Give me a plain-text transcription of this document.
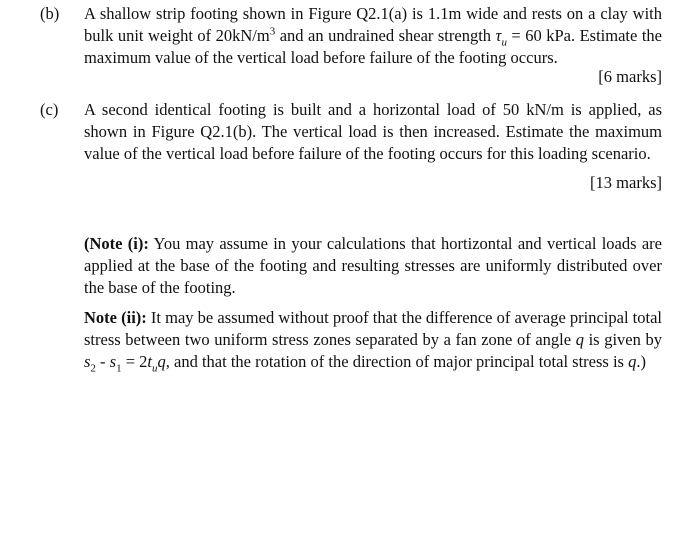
(b) A shallow strip footing shown in Figure Q2.1(a) is 1.1m wide and rests on a clay with bulk unit weight of $20kN/m^3$ and an undrained shear strength $\tau_u = 60$ kPa. Estimate the maximum value of the vertical load before failure of the footing occurs.
[6 marks]
(c) A second identical footing is built and a horizontal load of 50 kN/m is applied, as shown in Figure Q2.1(b). The vertical load is then increased. Estimate the maximum value of the vertical load before failure of the footing occurs for this loading scenario.
[13 marks]
(Note (i): You may assume in your calculations that hortizontal and vertical loads are applied at the base of the footing and resulting stresses are uniformly distributed over the base of the footing.
Note (ii): It may be assumed without proof that the difference of average principal total stress between two uniform stress zones separated by a fan zone of angle q is given by $s_2 - s_1 = 2t_uq$, and that the rotation of the direction of major principal total stress is q.)
